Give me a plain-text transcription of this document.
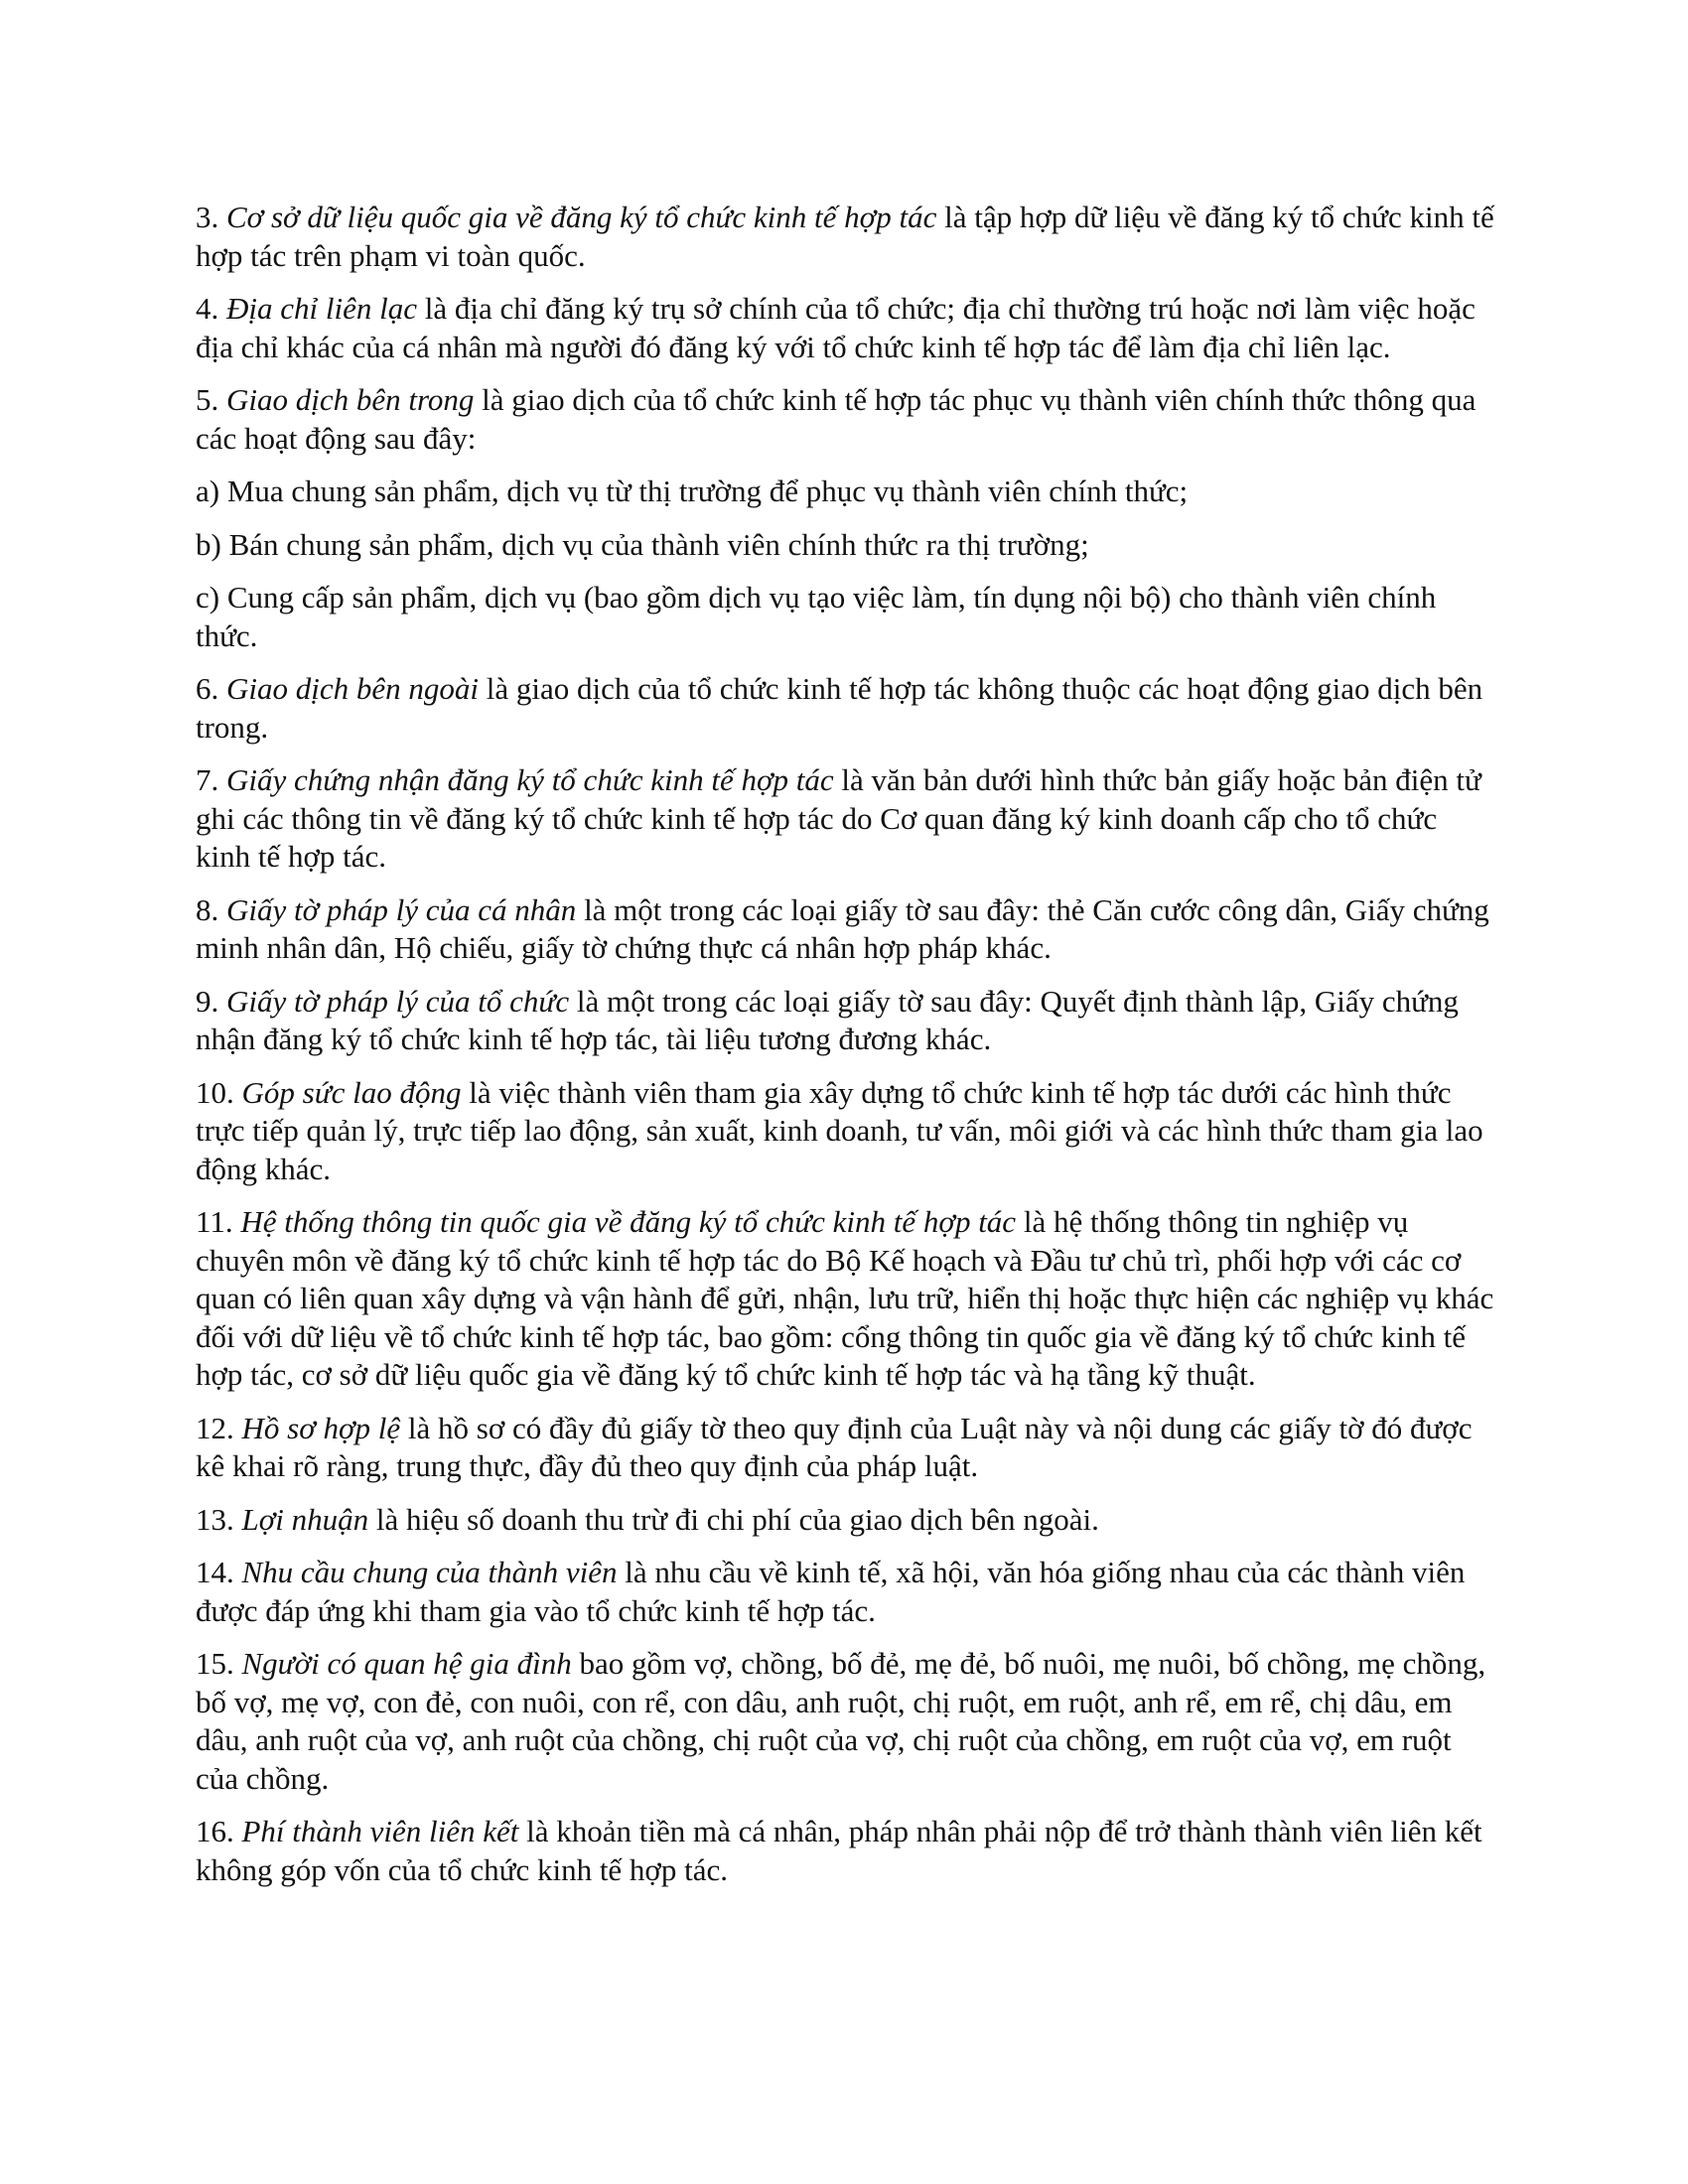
3. Cơ sở dữ liệu quốc gia về đăng ký tổ chức kinh tế hợp tác là tập hợp dữ liệu về đăng ký tổ chức kinh tế hợp tác trên phạm vi toàn quốc.

4. Địa chỉ liên lạc là địa chỉ đăng ký trụ sở chính của tổ chức; địa chỉ thường trú hoặc nơi làm việc hoặc địa chỉ khác của cá nhân mà người đó đăng ký với tổ chức kinh tế hợp tác để làm địa chỉ liên lạc.

5. Giao dịch bên trong là giao dịch của tổ chức kinh tế hợp tác phục vụ thành viên chính thức thông qua các hoạt động sau đây:

a) Mua chung sản phẩm, dịch vụ từ thị trường để phục vụ thành viên chính thức;

b) Bán chung sản phẩm, dịch vụ của thành viên chính thức ra thị trường;

c) Cung cấp sản phẩm, dịch vụ (bao gồm dịch vụ tạo việc làm, tín dụng nội bộ) cho thành viên chính thức.

6. Giao dịch bên ngoài là giao dịch của tổ chức kinh tế hợp tác không thuộc các hoạt động giao dịch bên trong.

7. Giấy chứng nhận đăng ký tổ chức kinh tế hợp tác là văn bản dưới hình thức bản giấy hoặc bản điện tử ghi các thông tin về đăng ký tổ chức kinh tế hợp tác do Cơ quan đăng ký kinh doanh cấp cho tổ chức kinh tế hợp tác.

8. Giấy tờ pháp lý của cá nhân là một trong các loại giấy tờ sau đây: thẻ Căn cước công dân, Giấy chứng minh nhân dân, Hộ chiếu, giấy tờ chứng thực cá nhân hợp pháp khác.

9. Giấy tờ pháp lý của tổ chức là một trong các loại giấy tờ sau đây: Quyết định thành lập, Giấy chứng nhận đăng ký tổ chức kinh tế hợp tác, tài liệu tương đương khác.

10. Góp sức lao động là việc thành viên tham gia xây dựng tổ chức kinh tế hợp tác dưới các hình thức trực tiếp quản lý, trực tiếp lao động, sản xuất, kinh doanh, tư vấn, môi giới và các hình thức tham gia lao động khác.

11. Hệ thống thông tin quốc gia về đăng ký tổ chức kinh tế hợp tác là hệ thống thông tin nghiệp vụ chuyên môn về đăng ký tổ chức kinh tế hợp tác do Bộ Kế hoạch và Đầu tư chủ trì, phối hợp với các cơ quan có liên quan xây dựng và vận hành để gửi, nhận, lưu trữ, hiển thị hoặc thực hiện các nghiệp vụ khác đối với dữ liệu về tổ chức kinh tế hợp tác, bao gồm: cổng thông tin quốc gia về đăng ký tổ chức kinh tế hợp tác, cơ sở dữ liệu quốc gia về đăng ký tổ chức kinh tế hợp tác và hạ tầng kỹ thuật.

12. Hồ sơ hợp lệ là hồ sơ có đầy đủ giấy tờ theo quy định của Luật này và nội dung các giấy tờ đó được kê khai rõ ràng, trung thực, đầy đủ theo quy định của pháp luật.

13. Lợi nhuận là hiệu số doanh thu trừ đi chi phí của giao dịch bên ngoài.

14. Nhu cầu chung của thành viên là nhu cầu về kinh tế, xã hội, văn hóa giống nhau của các thành viên được đáp ứng khi tham gia vào tổ chức kinh tế hợp tác.

15. Người có quan hệ gia đình bao gồm vợ, chồng, bố đẻ, mẹ đẻ, bố nuôi, mẹ nuôi, bố chồng, mẹ chồng, bố vợ, mẹ vợ, con đẻ, con nuôi, con rể, con dâu, anh ruột, chị ruột, em ruột, anh rể, em rể, chị dâu, em dâu, anh ruột của vợ, anh ruột của chồng, chị ruột của vợ, chị ruột của chồng, em ruột của vợ, em ruột của chồng.

16. Phí thành viên liên kết là khoản tiền mà cá nhân, pháp nhân phải nộp để trở thành thành viên liên kết không góp vốn của tổ chức kinh tế hợp tác.
